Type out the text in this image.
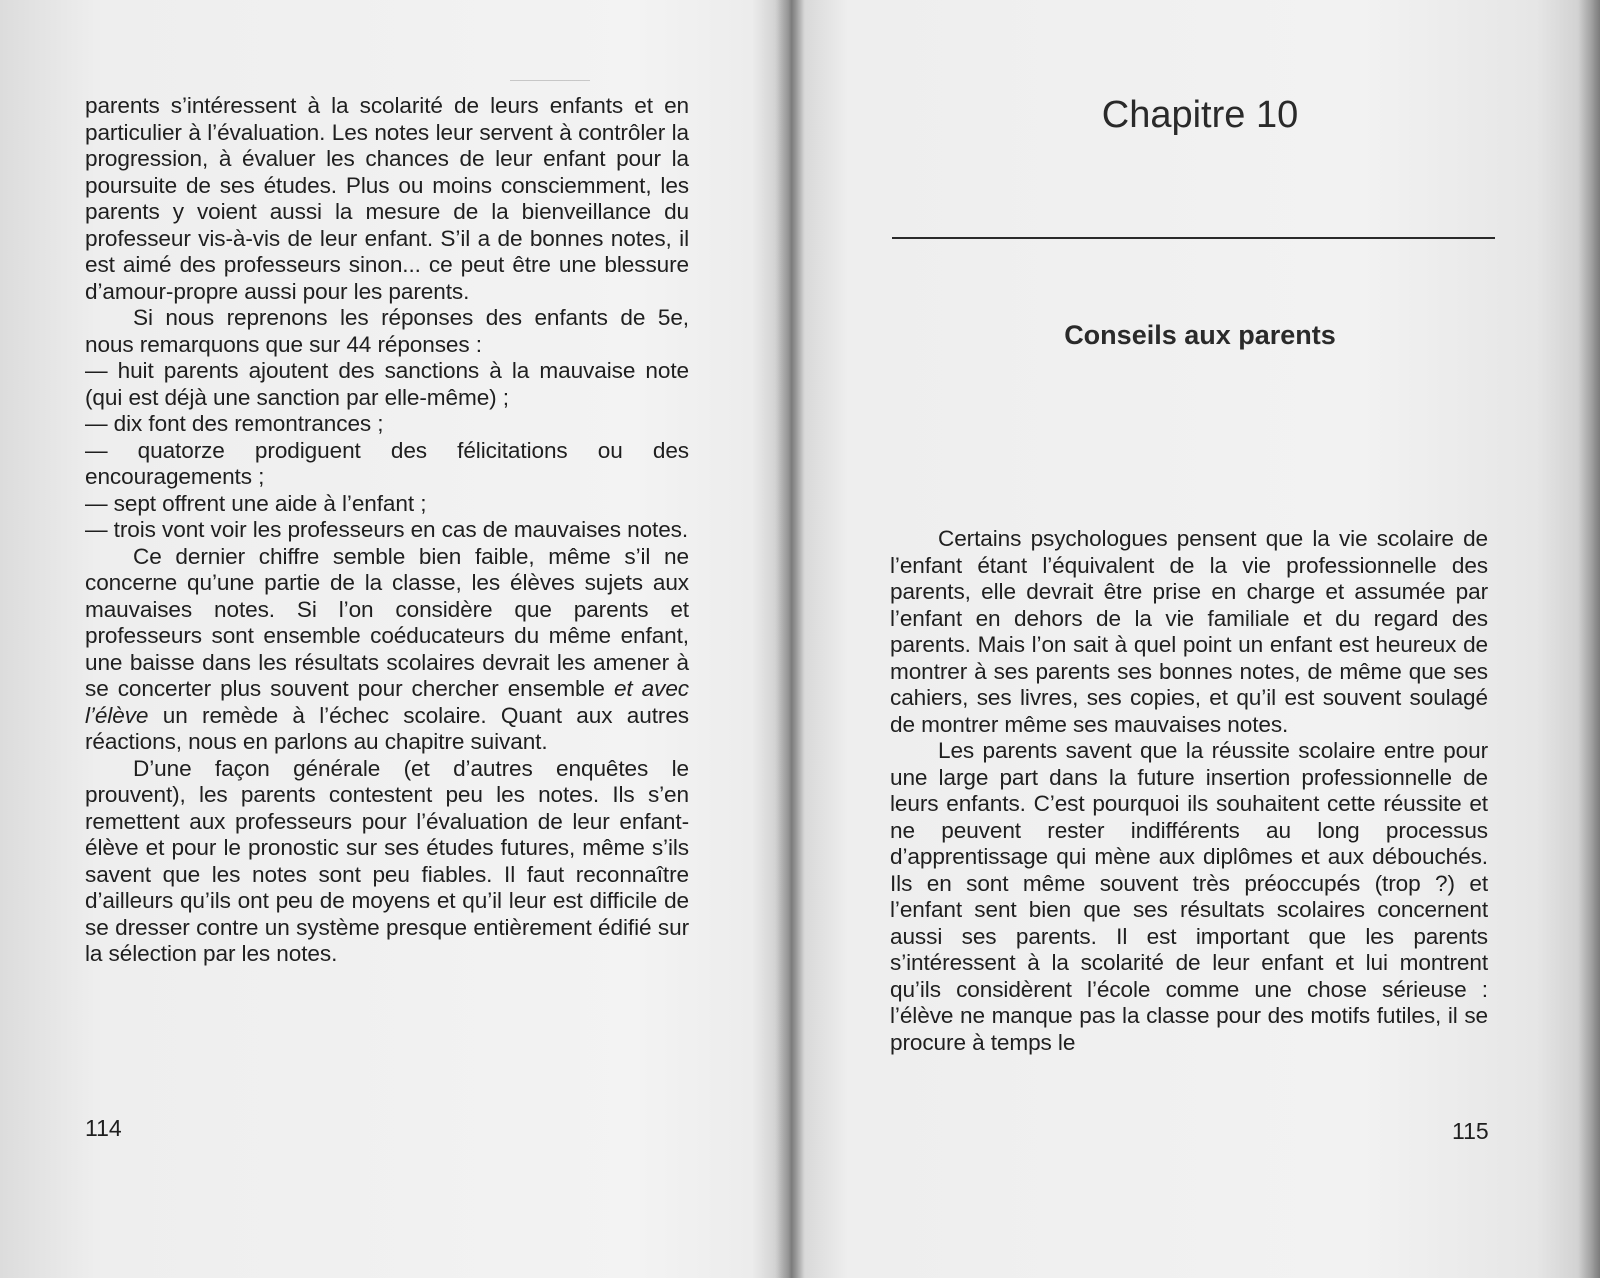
parents s’intéressent à la scolarité de leurs enfants et en particulier à l’évaluation. Les notes leur servent à contrôler la progression, à évaluer les chances de leur enfant pour la poursuite de ses études. Plus ou moins consciemment, les parents y voient aussi la mesure de la bienveillance du professeur vis-à-vis de leur enfant. S’il a de bonnes notes, il est aimé des professeurs sinon... ce peut être une blessure d’amour-propre aussi pour les parents.

Si nous reprenons les réponses des enfants de 5e, nous remarquons que sur 44 réponses :

— huit parents ajoutent des sanctions à la mauvaise note (qui est déjà une sanction par elle-même) ;

— dix font des remontrances ;

— quatorze prodiguent des félicitations ou des encouragements ;

— sept offrent une aide à l’enfant ;

— trois vont voir les professeurs en cas de mauvaises notes.

Ce dernier chiffre semble bien faible, même s’il ne concerne qu’une partie de la classe, les élèves sujets aux mauvaises notes. Si l’on considère que parents et professeurs sont ensemble coéducateurs du même enfant, une baisse dans les résultats scolaires devrait les amener à se concerter plus souvent pour chercher ensemble et avec l’élève un remède à l’échec scolaire. Quant aux autres réactions, nous en parlons au chapitre suivant.

D’une façon générale (et d’autres enquêtes le prouvent), les parents contestent peu les notes. Ils s’en remettent aux professeurs pour l’évaluation de leur enfant-élève et pour le pronostic sur ses études futures, même s’ils savent que les notes sont peu fiables. Il faut reconnaître d’ailleurs qu’ils ont peu de moyens et qu’il leur est difficile de se dresser contre un système presque entièrement édifié sur la sélection par les notes.

114
Chapitre 10
Conseils aux parents

Certains psychologues pensent que la vie scolaire de l’enfant étant l’équivalent de la vie professionnelle des parents, elle devrait être prise en charge et assumée par l’enfant en dehors de la vie familiale et du regard des parents. Mais l’on sait à quel point un enfant est heureux de montrer à ses parents ses bonnes notes, de même que ses cahiers, ses livres, ses copies, et qu’il est souvent soulagé de montrer même ses mauvaises notes.

Les parents savent que la réussite scolaire entre pour une large part dans la future insertion professionnelle de leurs enfants. C’est pourquoi ils souhaitent cette réussite et ne peuvent rester indifférents au long processus d’apprentissage qui mène aux diplômes et aux débouchés. Ils en sont même souvent très préoccupés (trop ?) et l’enfant sent bien que ses résultats scolaires concernent aussi ses parents. Il est important que les parents s’intéressent à la scolarité de leur enfant et lui montrent qu’ils considèrent l’école comme une chose sérieuse : l’élève ne manque pas la classe pour des motifs futiles, il se procure à temps le

115
